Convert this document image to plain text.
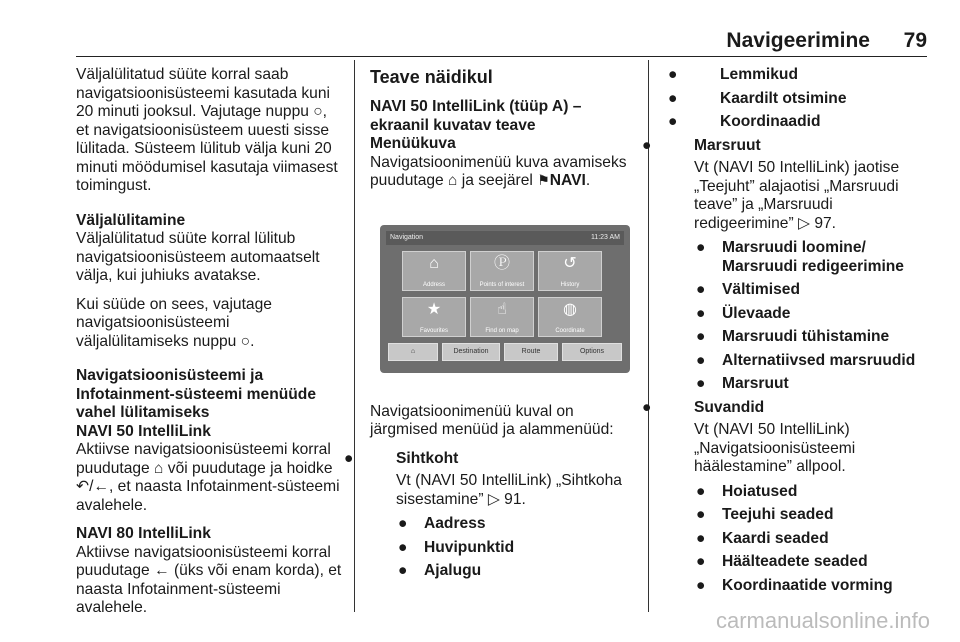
Navigeerimine 79

Väljalülitatud süüte korral saab navigatsioonisüsteemi kasutada kuni 20 minuti jooksul. Vajutage nuppu ○, et navigatsioonisüsteem uuesti sisse lülitada. Süsteem lülitub välja kuni 20 minuti möödumisel kasutaja viimasest toimingust.

Väljalülitamine

Väljalülitatud süüte korral lülitub navigatsioonisüsteem automaatselt välja, kui juhiuks avatakse.

Kui süüde on sees, vajutage navigatsioonisüsteemi väljalülitamiseks nuppu ○.

Navigatsioonisüsteemi ja Infotainment-süsteemi menüüde vahel lülitamiseks

NAVI 50 IntelliLink

Aktiivse navigatsioonisüsteemi korral puudutage ⌂ või puudutage ja hoidke ↶/←, et naasta Infotainment-süsteemi avalehele.

NAVI 80 IntelliLink

Aktiivse navigatsioonisüsteemi korral puudutage ← (üks või enam korda), et naasta Infotainment-süsteemi avalehele.

Teave näidikul

NAVI 50 IntelliLink (tüüp A) – ekraanil kuvatav teave

Menüükuva

Navigatsioonimenüü kuva avamiseks puudutage ⌂ ja seejärel ⚑NAVI.

Navigation	11:23 AM
⌂
Address
Ⓟ
Points of interest
↺
History
★
Favourites
☝
Find on map
◍
Coordinate
⌂	Destination	Route	Options

Navigatsioonimenüü kuval on järgmised menüüd ja alammenüüd:

●	Sihtkoht
Vt (NAVI 50 IntelliLink) „Sihtkoha sisestamine” ▷ 91.
● Aadress
● Huvipunktid
● Ajalugu
●	Lemmikud
●	Kaardilt otsimine
●	Koordinaadid
●	Marsruut
Vt (NAVI 50 IntelliLink) jaotise „Teejuht” alajaotisi „Marsruudi teave” ja „Marsruudi redigeerimine” ▷ 97.
● Marsruudi loomine/ Marsruudi redigeerimine
● Vältimised
● Ülevaade
● Marsruudi tühistamine
● Alternatiivsed marsruudid
● Marsruut
●	Suvandid
Vt (NAVI 50 IntelliLink) „Navigatsioonisüsteemi häälestamine” allpool.
● Hoiatused
● Teejuhi seaded
● Kaardi seaded
● Häälteadete seaded
● Koordinaatide vorming
carmanualsonline.info
